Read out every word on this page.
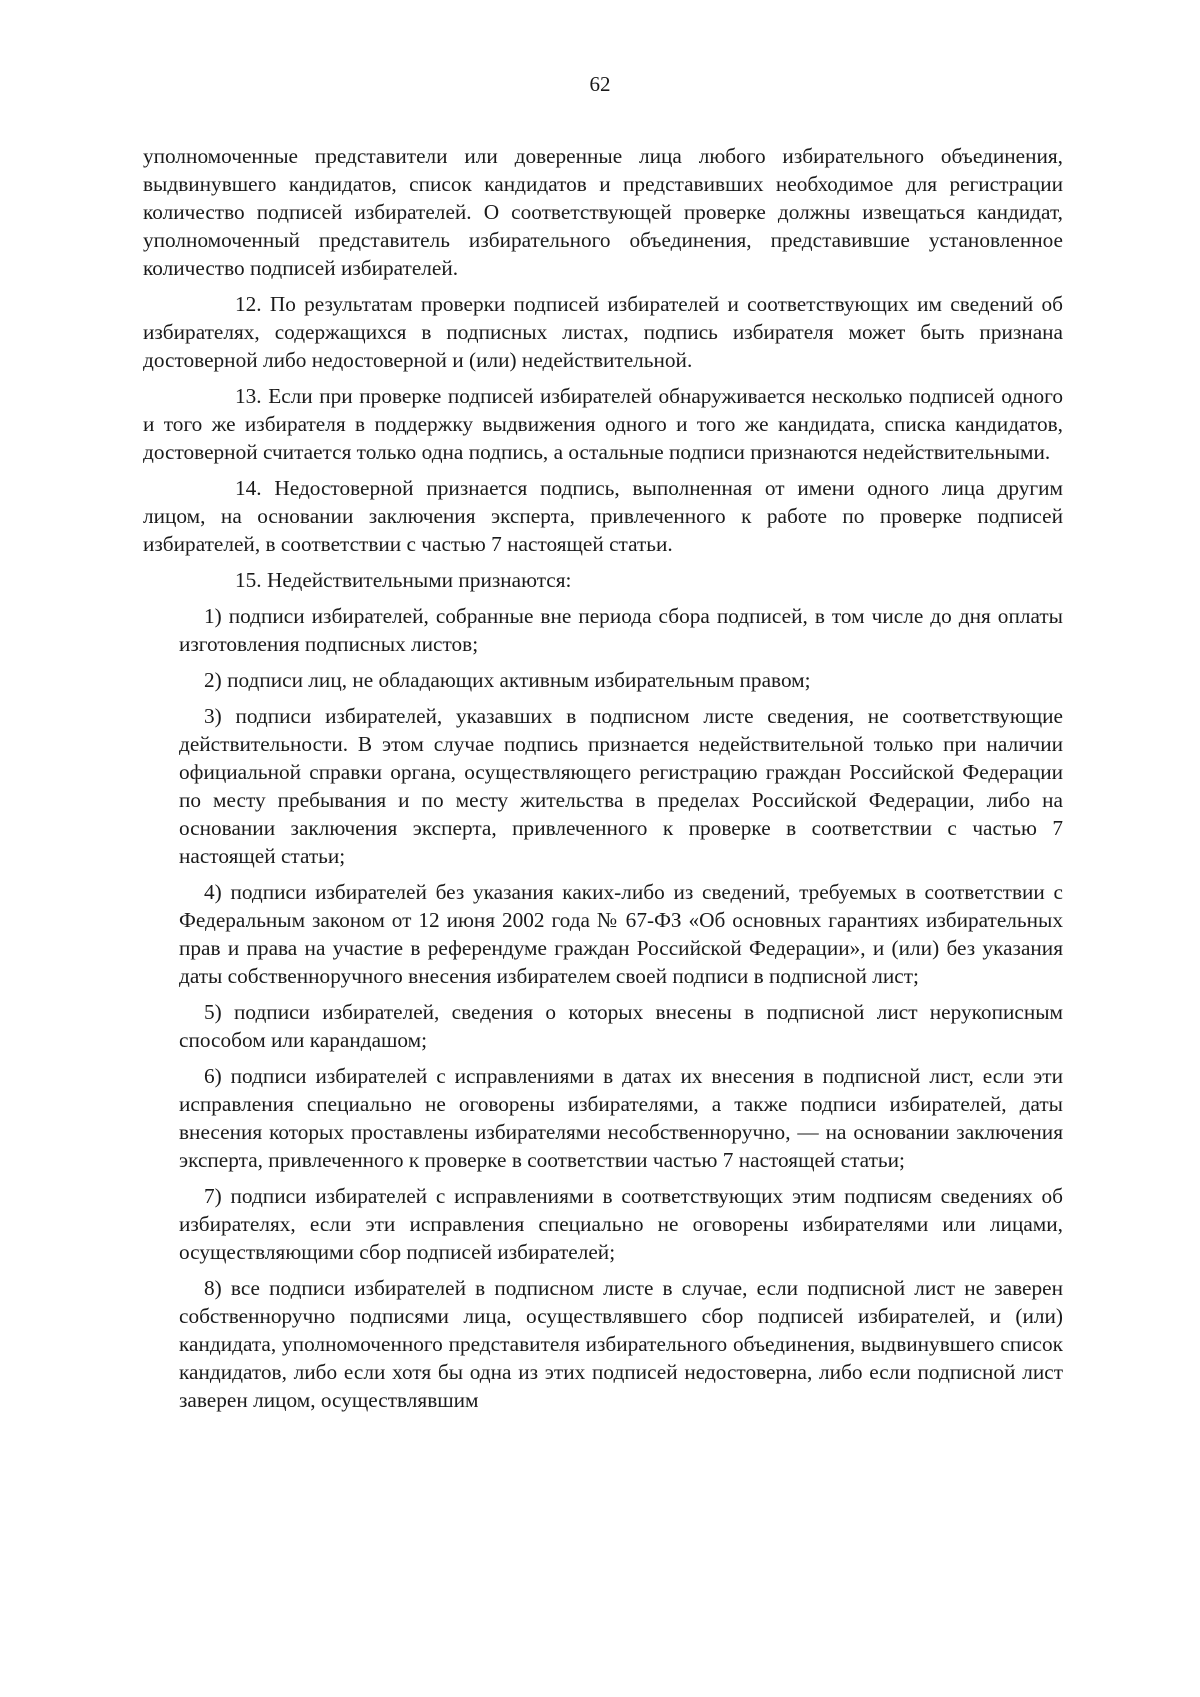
62

уполномоченные представители или доверенные лица любого избирательного объединения, выдвинувшего кандидатов, список кандидатов и представивших необходимое для регистрации количество подписей избирателей. О соответствующей проверке должны извещаться кандидат, уполномоченный представитель избирательного объединения, представившие установленное количество подписей избирателей.

12. По результатам проверки подписей избирателей и соответствующих им сведений об избирателях, содержащихся в подписных листах, подпись избирателя может быть признана достоверной либо недостоверной и (или) недействительной.

13. Если при проверке подписей избирателей обнаруживается несколько подписей одного и того же избирателя в поддержку выдвижения одного и того же кандидата, списка кандидатов, достоверной считается только одна подпись, а остальные подписи признаются недействительными.

14. Недостоверной признается подпись, выполненная от имени одного лица другим лицом, на основании заключения эксперта, привлеченного к работе по проверке подписей избирателей, в соответствии с частью 7 настоящей статьи.

15. Недействительными признаются:

1) подписи избирателей, собранные вне периода сбора подписей, в том числе до дня оплаты изготовления подписных листов;

2) подписи лиц, не обладающих активным избирательным правом;

3) подписи избирателей, указавших в подписном листе сведения, не соответствующие действительности. В этом случае подпись признается недействительной только при наличии официальной справки органа, осуществляющего регистрацию граждан Российской Федерации по месту пребывания и по месту жительства в пределах Российской Федерации, либо на основании заключения эксперта, привлеченного к проверке в соответствии с частью 7 настоящей статьи;

4) подписи избирателей без указания каких-либо из сведений, требуемых в соответствии с Федеральным законом от 12 июня 2002 года № 67-ФЗ «Об основных гарантиях избирательных прав и права на участие в референдуме граждан Российской Федерации», и (или) без указания даты собственноручного внесения избирателем своей подписи в подписной лист;

5) подписи избирателей, сведения о которых внесены в подписной лист нерукописным способом или карандашом;

6) подписи избирателей с исправлениями в датах их внесения в подписной лист, если эти исправления специально не оговорены избирателями, а также подписи избирателей, даты внесения которых проставлены избирателями несобственноручно, — на основании заключения эксперта, привлеченного к проверке в соответствии частью 7 настоящей статьи;

7) подписи избирателей с исправлениями в соответствующих этим подписям сведениях об избирателях, если эти исправления специально не оговорены избирателями или лицами, осуществляющими сбор подписей избирателей;

8) все подписи избирателей в подписном листе в случае, если подписной лист не заверен собственноручно подписями лица, осуществлявшего сбор подписей избирателей, и (или) кандидата, уполномоченного представителя избирательного объединения, выдвинувшего список кандидатов, либо если хотя бы одна из этих подписей недостоверна, либо если подписной лист заверен лицом, осуществлявшим
